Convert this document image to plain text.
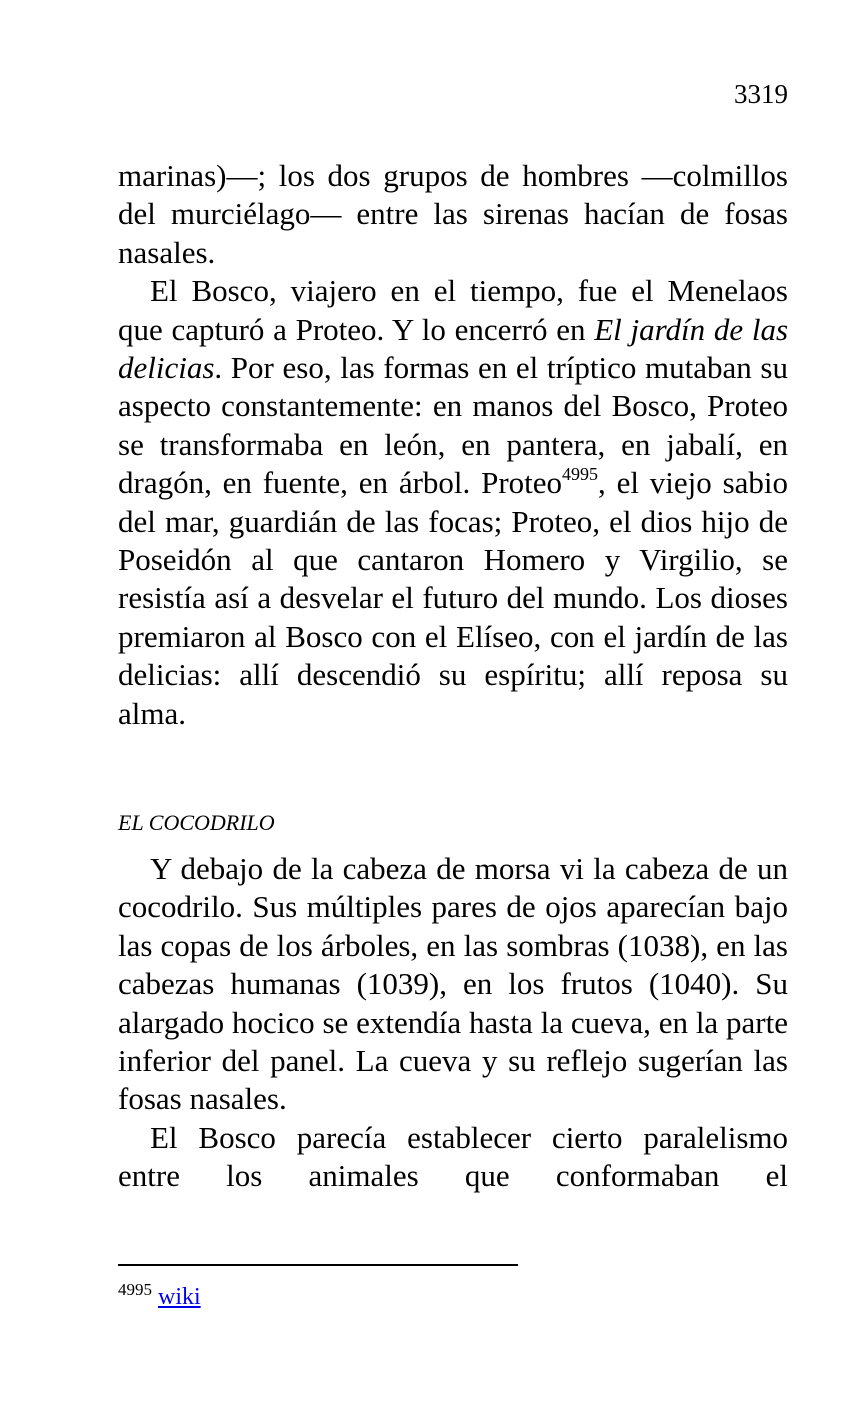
3319

marinas)—; los dos grupos de hombres —colmillos del murciélago— entre las sirenas hacían de fosas nasales.

El Bosco, viajero en el tiempo, fue el Menelaos que capturó a Proteo. Y lo encerró en El jardín de las delicias. Por eso, las formas en el tríptico mutaban su aspecto constantemente: en manos del Bosco, Proteo se transformaba en león, en pantera, en jabalí, en dragón, en fuente, en árbol. Proteo$^{4995}$, el viejo sabio del mar, guardián de las focas; Proteo, el dios hijo de Poseidón al que cantaron Homero y Virgilio, se resistía así a desvelar el futuro del mundo. Los dioses premiaron al Bosco con el Elíseo, con el jardín de las delicias: allí descendió su espíritu; allí reposa su alma.

EL COCODRILO

Y debajo de la cabeza de morsa vi la cabeza de un cocodrilo. Sus múltiples pares de ojos aparecían bajo las copas de los árboles, en las sombras (1038), en las cabezas humanas (1039), en los frutos (1040). Su alargado hocico se extendía hasta la cueva, en la parte inferior del panel. La cueva y su reflejo sugerían las fosas nasales.

El Bosco parecía establecer cierto paralelismo entre los animales que conformaban el

$^{4995}$ wiki
